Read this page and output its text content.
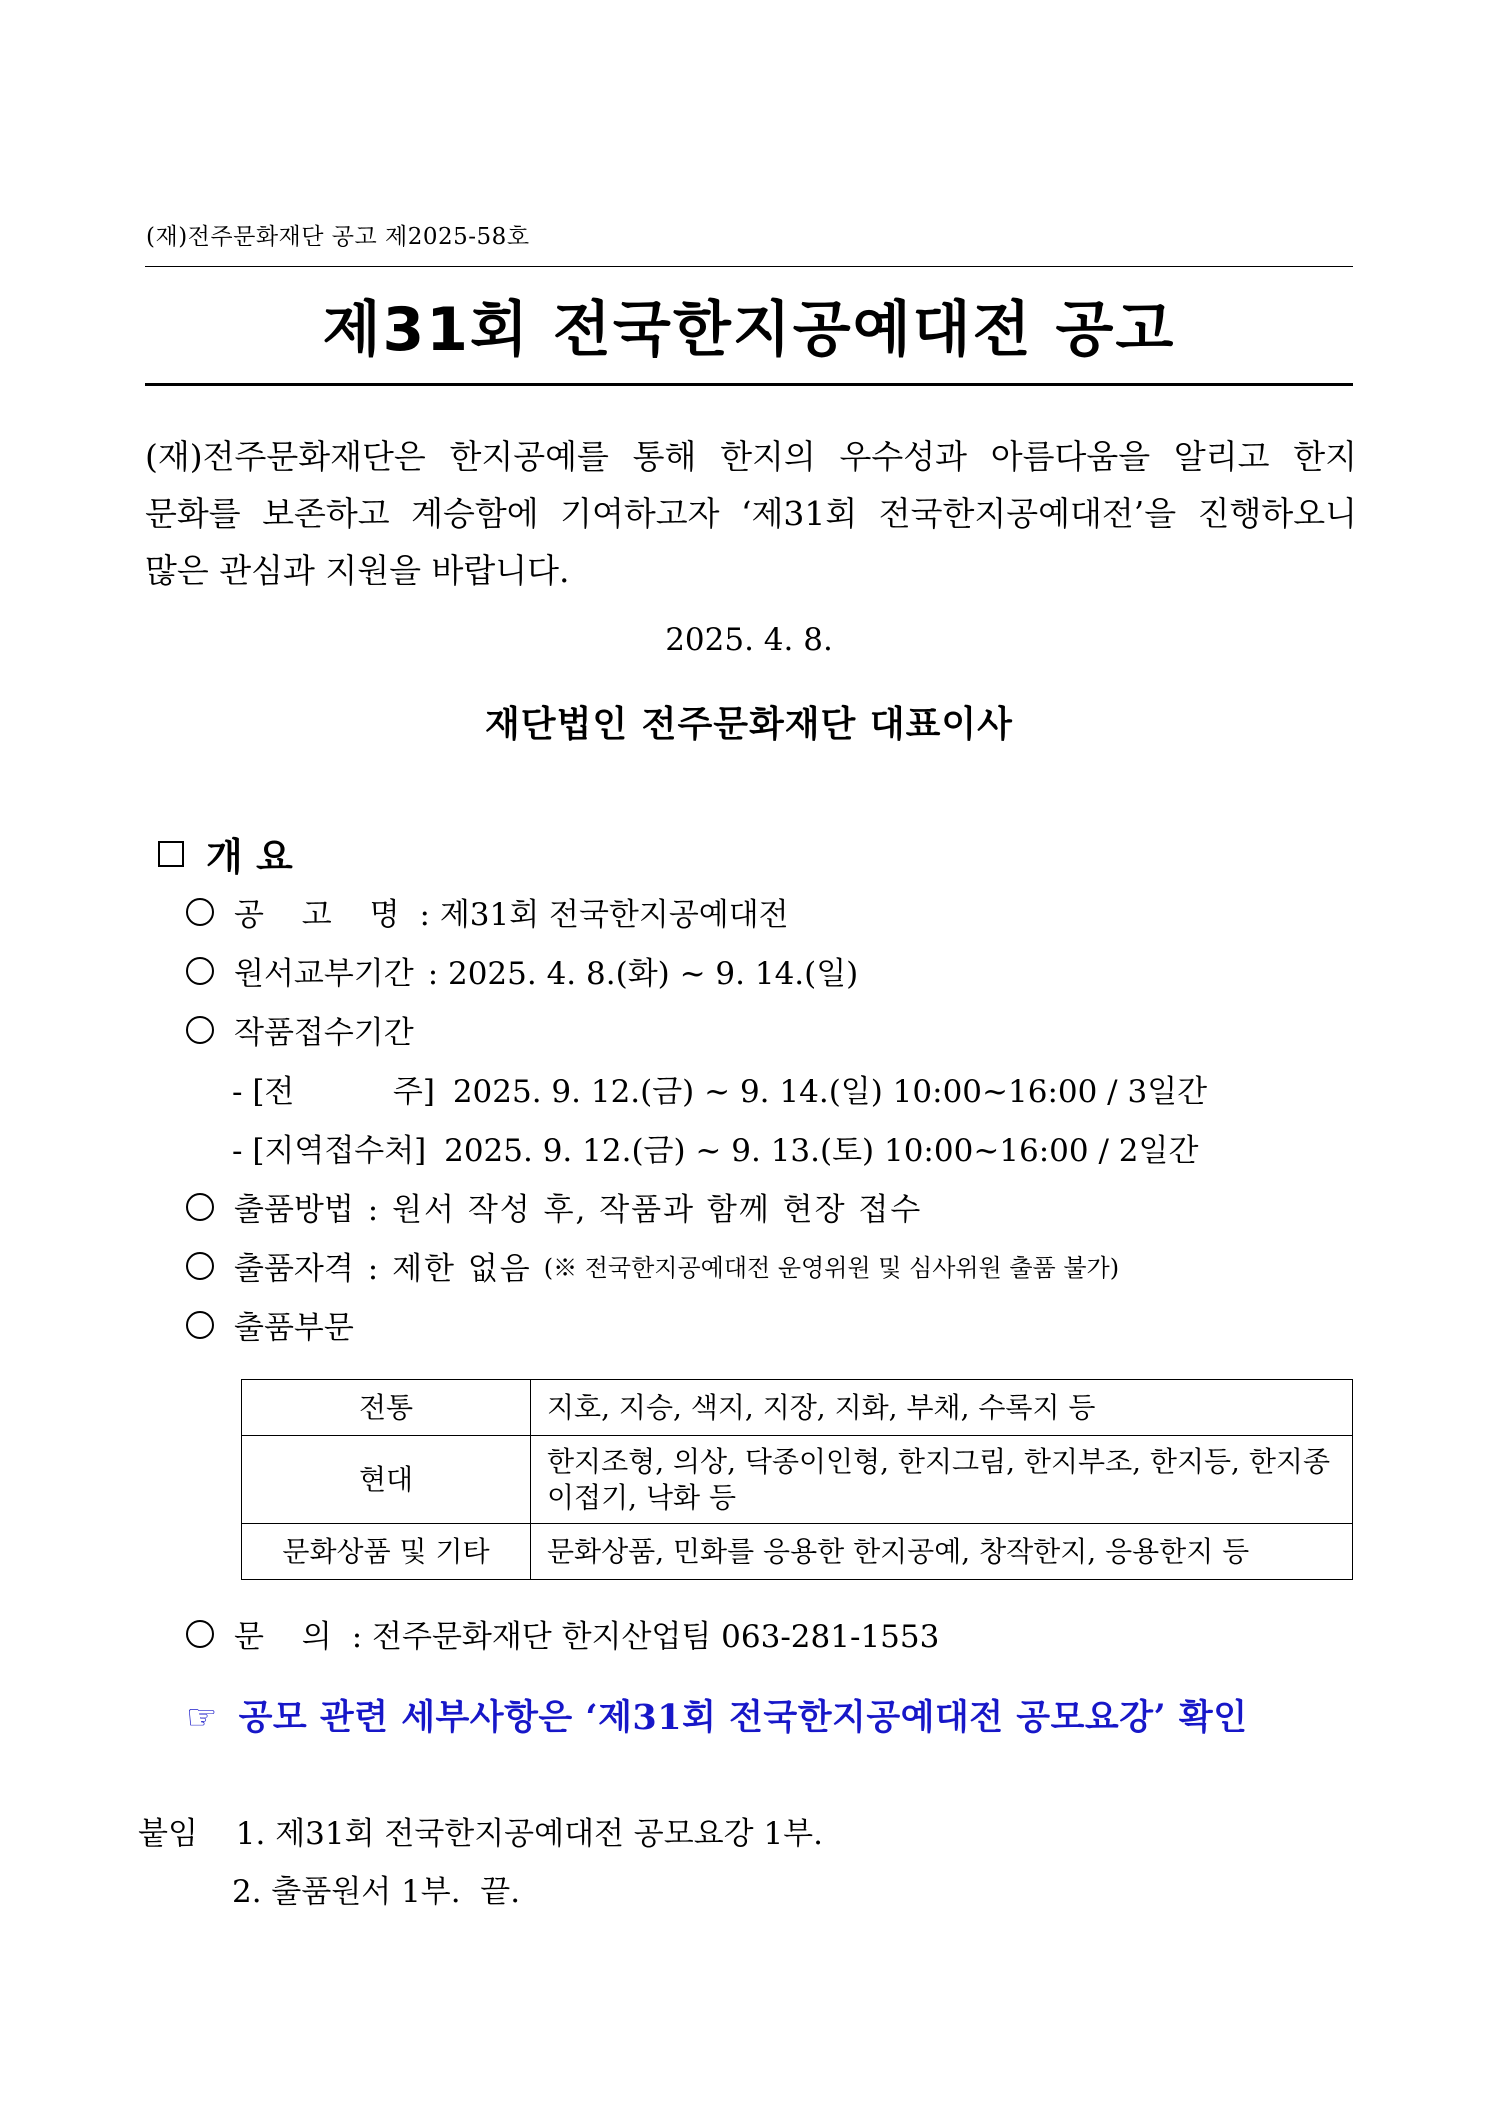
(재)전주문화재단 공고 제2025-58호
제31회 전국한지공예대전 공고
(재)전주문화재단은 한지공예를 통해 한지의 우수성과 아름다움을 알리고 한지
문화를 보존하고 계승함에 기여하고자 ‘제31회 전국한지공예대전’을 진행하오니
많은 관심과 지원을 바랍니다.
2025. 4. 8.
재단법인 전주문화재단 대표이사
개 요
공 고 명 : 제31회 전국한지공예대전
원서교부기간 : 2025. 4. 8.(화) ~ 9. 14.(일)
작품접수기간
- [전          주] 2025. 9. 12.(금) ~ 9. 14.(일) 10:00~16:00 / 3일간
- [지역접수처] 2025. 9. 12.(금) ~ 9. 13.(토) 10:00~16:00 / 2일간
출품방법 : 원서 작성 후, 작품과 함께 현장 접수
출품자격 : 제한 없음 (※ 전국한지공예대전 운영위원 및 심사위원 출품 불가)
출품부문
전통	지호, 지승, 색지, 지장, 지화, 부채, 수록지 등
현대	한지조형, 의상, 닥종이인형, 한지그림, 한지부조, 한지등, 한지종이접기, 낙화 등
문화상품 및 기타	문화상품, 민화를 응용한 한지공예, 창작한지, 응용한지 등
문 의 : 전주문화재단 한지산업팀 063-281-1553
☞ 공모 관련 세부사항은 ‘제31회 전국한지공예대전 공모요강’ 확인
붙임 1. 제31회 전국한지공예대전 공모요강 1부.
2. 출품원서 1부.  끝.
